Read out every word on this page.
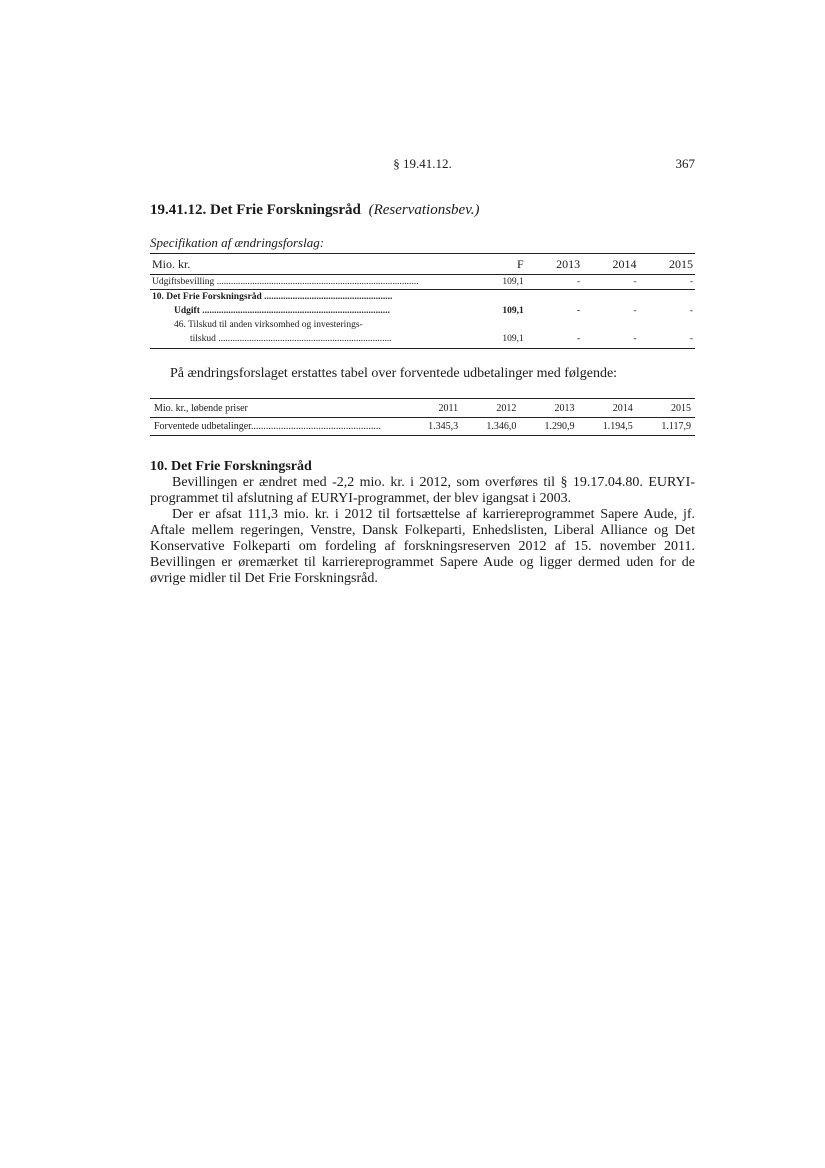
§ 19.41.12.	367
19.41.12. Det Frie Forskningsråd (Reservationsbev.)
Specifikation af ændringsforslag:
Mio. kr.	F	2013	2014	2015
Udgiftsbevilling .....................................................................................	109,1	-	-	-
10. Det Frie Forskningsråd ......................................................				
Udgift ...............................................................................	109,1	-	-	-
46. Tilskud til anden virksomhed og investerings-				
tilskud .........................................................................	109,1	-	-	-
På ændringsforslaget erstattes tabel over forventede udbetalinger med følgende:
Mio. kr., løbende priser	2011	2012	2013	2014	2015
Forventede udbetalinger....................................................	1.345,3	1.346,0	1.290,9	1.194,5	1.117,9
10. Det Frie Forskningsråd

Bevillingen er ændret med -2,2 mio. kr. i 2012, som overføres til § 19.17.04.80. EURYI-programmet til afslutning af EURYI-programmet, der blev igangsat i 2003.

Der er afsat 111,3 mio. kr. i 2012 til fortsættelse af karriereprogrammet Sapere Aude, jf. Aftale mellem regeringen, Venstre, Dansk Folkeparti, Enhedslisten, Liberal Alliance og Det Konservative Folkeparti om fordeling af forskningsreserven 2012 af 15. november 2011. Bevillingen er øremærket til karriereprogrammet Sapere Aude og ligger dermed uden for de øvrige midler til Det Frie Forskningsråd.
